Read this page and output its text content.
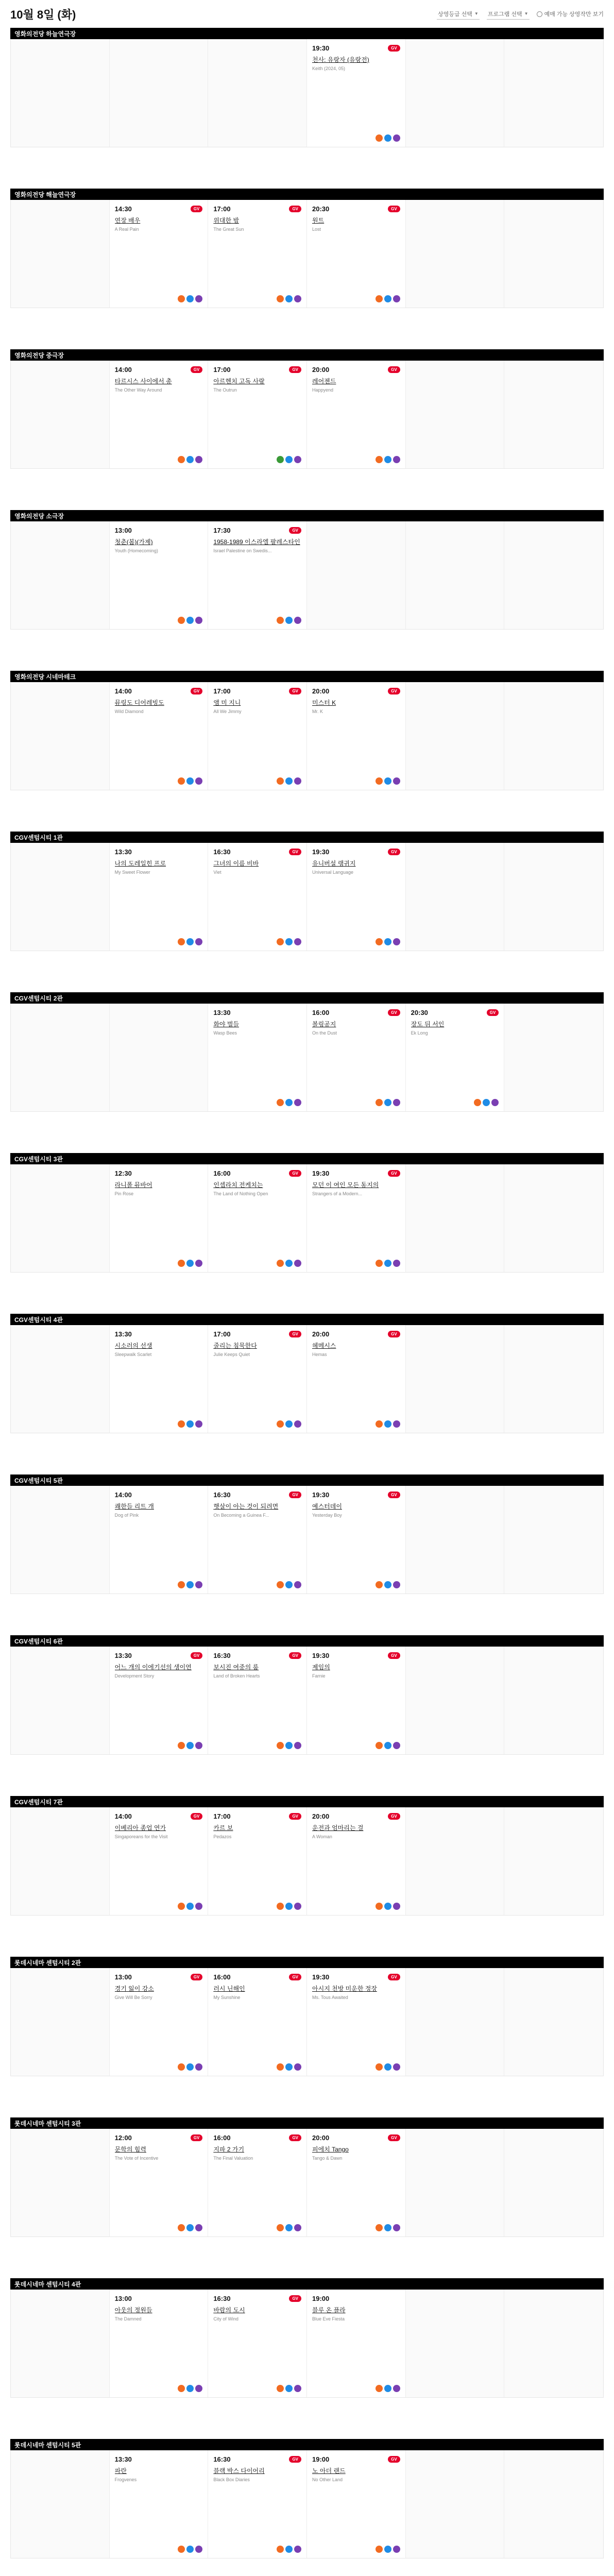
10월 8일 (화)	상영등급 선택 ▼ 프로그램 선택 ▼	예매 가능 상영작만 보기
영화의전당 하늘연극장
19:30	GV
천사: 유랑자 (유랑전)
Keith (2024, 05)
영화의전당 해늘연극장
14:30	GV
연장 배우
A Real Pain
17:00	GV
위대한 밤
The Great Sun
20:30	GV
원트
Lost
영화의전당 중극장
14:00	GV
타르시스 사이에서 총
The Other Way Around
17:00	GV
아르헨치 고독 사랑
The Outrun
20:00	GV
레어젠드
Happyend
영화의전당 소극장
13:00
청춘(봄)(가제)
Youth (Homecoming)
17:30	GV
1958-1989 이스라엘 팔레스타인
Israel Palestine on Swedis...
영화의전당 시네마테크
14:00	GV
뮤링도 디어레빙도
Wild Diamond
17:00	GV
앰 미 지니
All We Jimmy
20:00	GV
미스터 K
Mr. K
CGV센텀시티 1관
13:30
나의 도레일힌 프로
My Sweet Flower
16:30	GV
그녀의 이름 비바
Viet
19:30	GV
유니버설 랭귀지
Universal Language
CGV센텀시티 2관
13:30
화야 벌들
Wasp Bees
16:00	GV
볼링공지
On the Dust
20:30	GV
장도 뒤 서인
Ek Long
CGV센텀시티 3관
12:30
라니폴 뮤바어
Pin Rose
16:00	GV
인셉라치 전케치는
The Land of Nothing Open
19:30	GV
모던 이 여인 모든 동지의
Strangers of a Modern...
CGV센텀시티 4관
13:30
시소러의 선생
Sleepwalk Scarlet
17:00	GV
줄리는 침묵한다
Julie Keeps Quiet
20:00	GV
헤메시스
Hemas
CGV센텀시티 5관
14:00
쾌한들 리트 개
Dog of Pink
16:30	GV
햇살이 아는 것이 되려면
On Becoming a Guinea F...
19:30	GV
예스터데이
Yesterday Boy
CGV센텀시티 6관
13:30	GV
어느 개의 이에기선의 생이연
Development Story
16:30	GV
보시진 여중의 룸
Land of Broken Hearts
19:30	GV
제임의
Farnie
CGV센텀시티 7관
14:00	GV
이베리아 종업 연가
Singaporeans for the Visit
17:00	GV
카르 보
Pedazos
20:00	GV
운전과 엄마리는 걸
A Woman
롯데시네마 센텀시티 2관
13:00	GV
경기 잃이 강소
Give Will Be Sorry
16:00	GV
러시 닌해인
My Sunshine
19:30	GV
아시지 천방 미운한 정장
Ms. Tous Awaited
롯데시네마 센텀시티 3관
12:00	GV
문학의 힘력
The Vote of Incentive
16:00	GV
지파 2 가기
The Final Valuation
20:00	GV
피에치 Tango
Tango & Dawn
롯데시네마 센텀시티 4관
13:00
아웃의 정원들
The Damned
16:30	GV
바람의 도시
City of Wind
19:00
블루 온 플라
Blue Eve Fiesta
롯데시네마 센텀시티 5관
13:30
파란
Frogvenes
16:30	GV
블랙 박스 다이어리
Black Box Diaries
19:00	GV
노 아더 랜드
No Other Land
